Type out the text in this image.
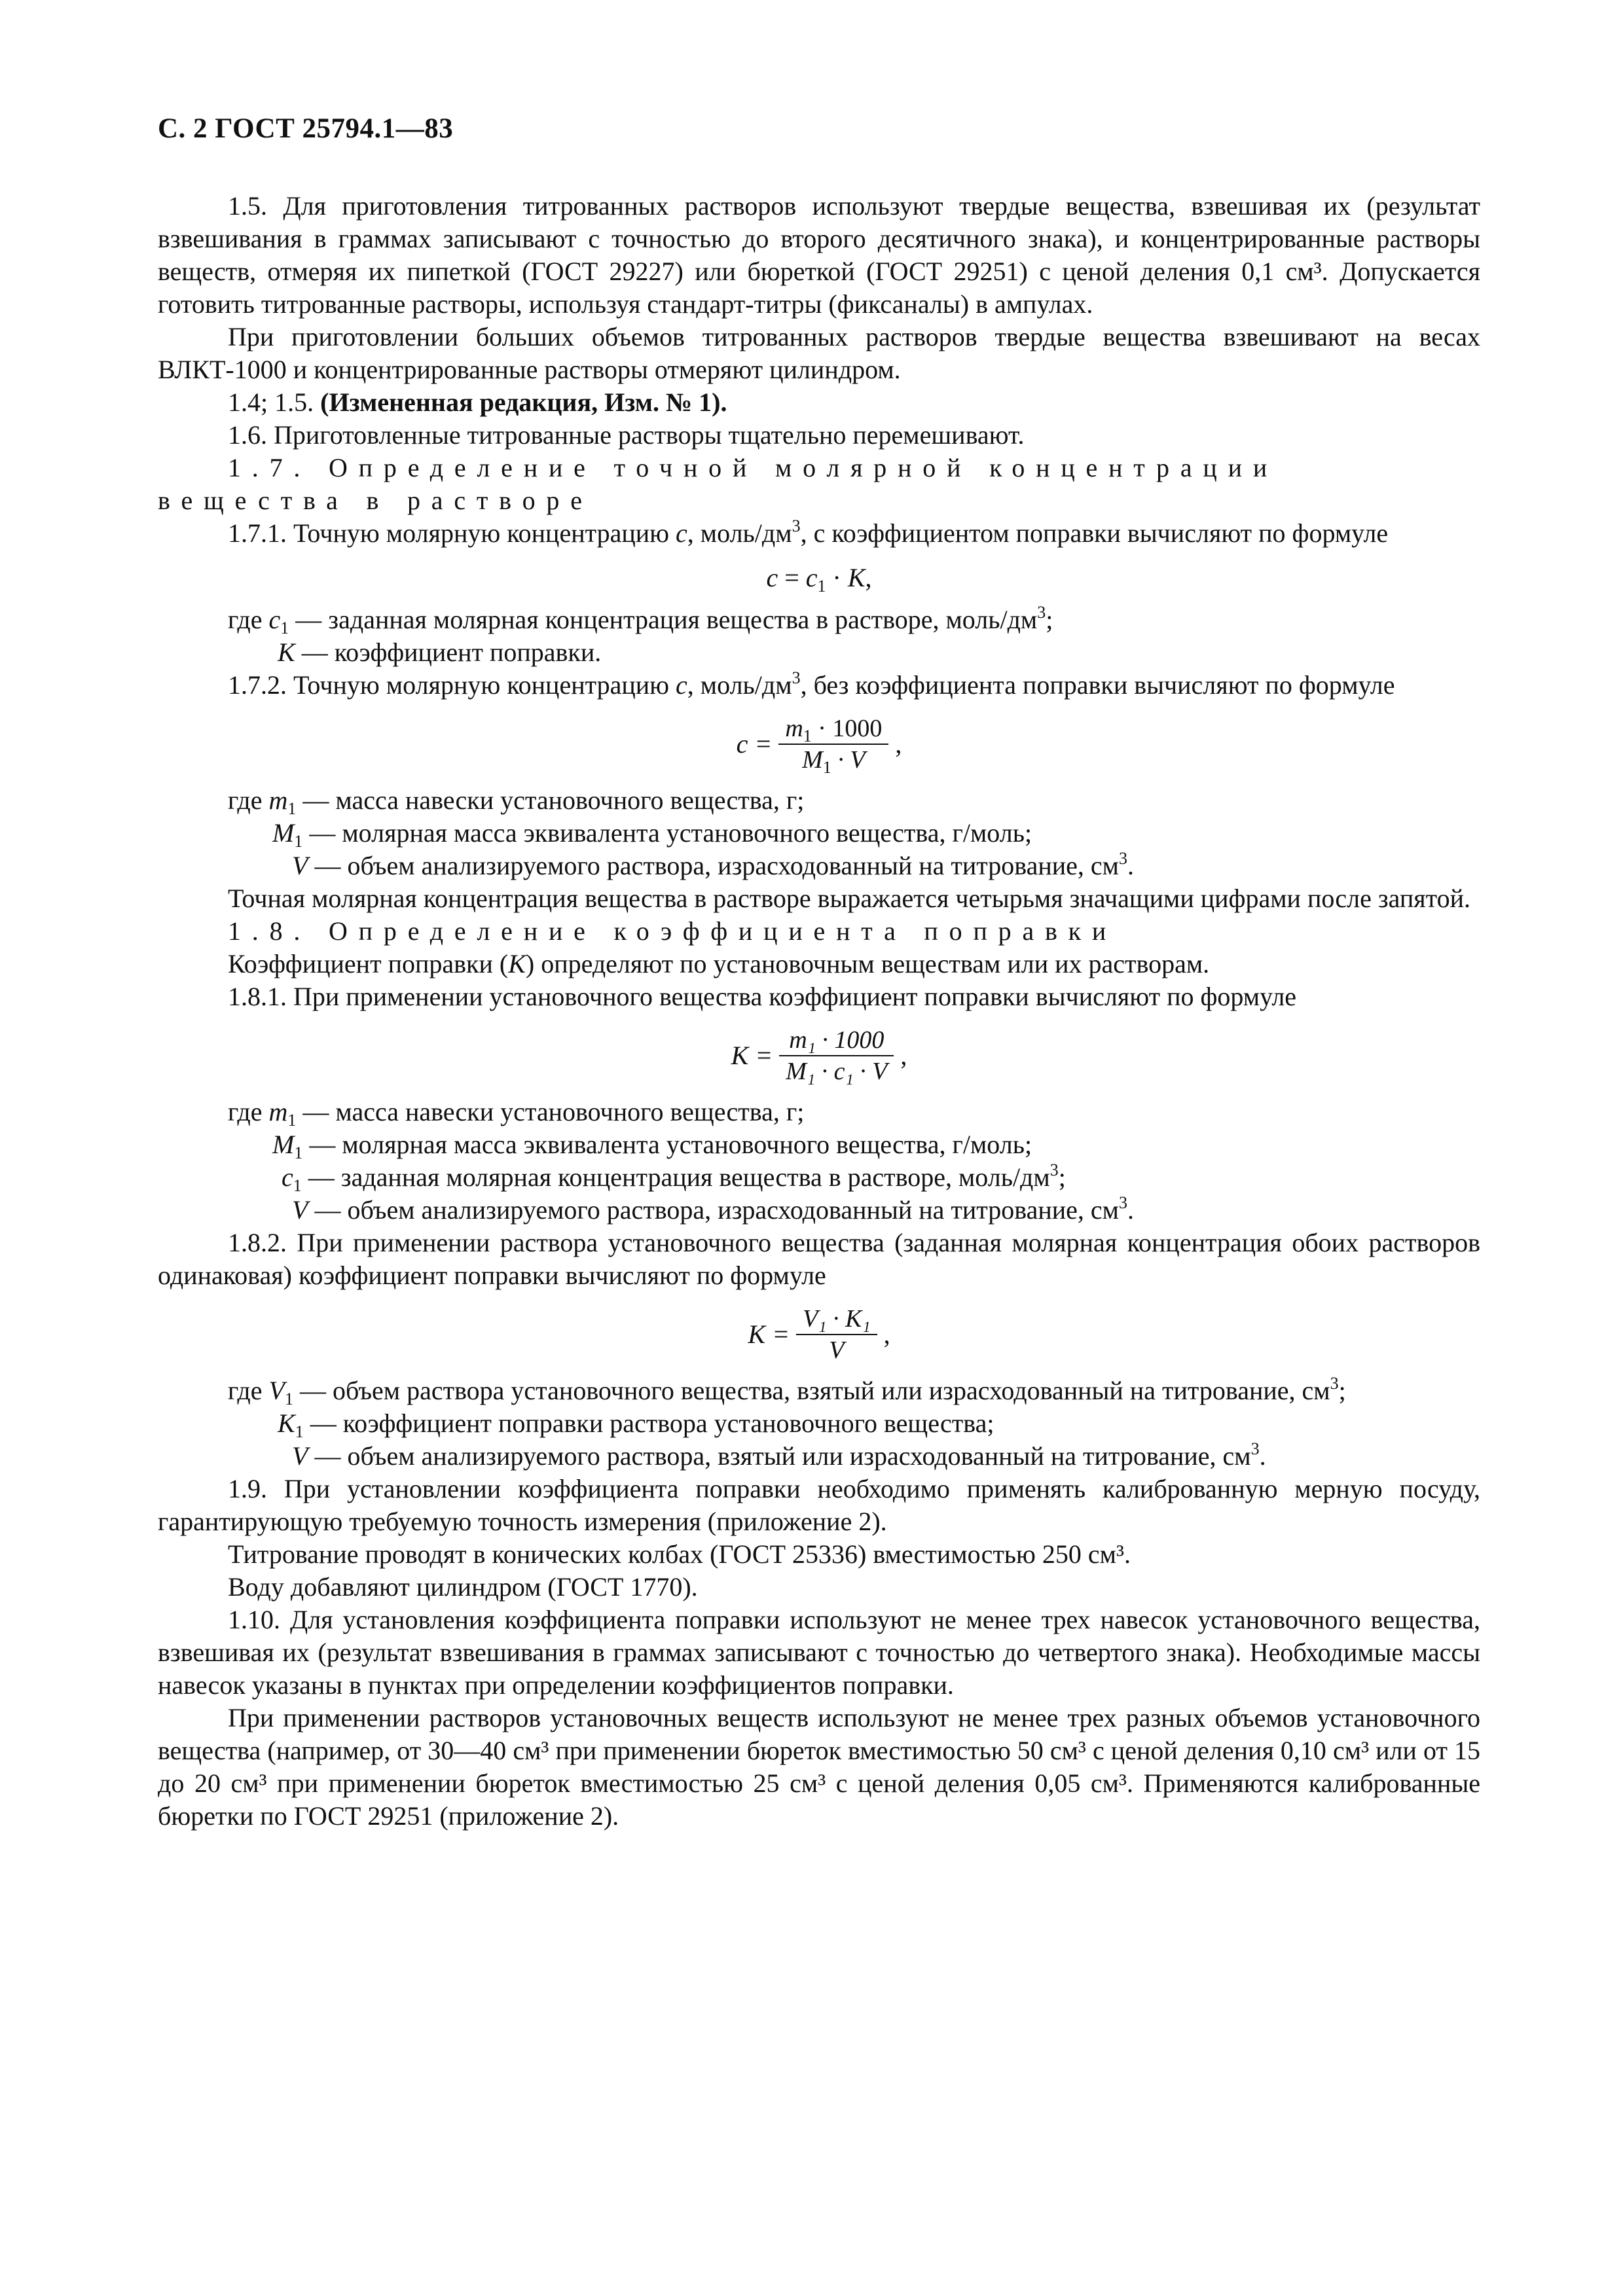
С. 2 ГОСТ 25794.1—83

1.5. Для приготовления титрованных растворов используют твердые вещества, взвешивая их (результат взвешивания в граммах записывают с точностью до второго десятичного знака), и концентрированные растворы веществ, отмеряя их пипеткой (ГОСТ 29227) или бюреткой (ГОСТ 29251) с ценой деления 0,1 см³. Допускается готовить титрованные растворы, используя стандарт-титры (фиксаналы) в ампулах.

При приготовлении больших объемов титрованных растворов твердые вещества взвешивают на весах ВЛКТ-1000 и концентрированные растворы отмеряют цилиндром.

1.4; 1.5. (Измененная редакция, Изм. № 1).

1.6. Приготовленные титрованные растворы тщательно перемешивают.

1.7. Определение точной молярной концентрации вещества в растворе

1.7.1. Точную молярную концентрацию c, моль/$дм^3$, с коэффициентом поправки вычисляют по формуле

$c = c_1 \cdot K$,

где $c_1$ — заданная молярная концентрация вещества в растворе, моль/$дм^3$;

K — коэффициент поправки.

1.7.2. Точную молярную концентрацию c, моль/$дм^3$, без коэффициента поправки вычисляют по формуле

$c = \frac{m_1 \cdot 1000}{M_1 \cdot V}$ ,

где $m_1$ — масса навески установочного вещества, г;

$M_1$ — молярная масса эквивалента установочного вещества, г/моль;

V — объем анализируемого раствора, израсходованный на титрование, $см^3$.

Точная молярная концентрация вещества в растворе выражается четырьмя значащими цифрами после запятой.

1.8. Определение коэффициента поправки

Коэффициент поправки (K) определяют по установочным веществам или их растворам.

1.8.1. При применении установочного вещества коэффициент поправки вычисляют по формуле

$K = \frac{\text{m₁ · 1000}}{\text{M₁ · c₁ · V}}$ ,

где $m_1$ — масса навески установочного вещества, г;

$M_1$ — молярная масса эквивалента установочного вещества, г/моль;

$c_1$ — заданная молярная концентрация вещества в растворе, моль/$дм^3$;

V — объем анализируемого раствора, израсходованный на титрование, $см^3$.

1.8.2. При применении раствора установочного вещества (заданная молярная концентрация обоих растворов одинаковая) коэффициент поправки вычисляют по формуле

$K = \frac{\text{V₁ · K₁}}{V}$ ,

где $V_1$ — объем раствора установочного вещества, взятый или израсходованный на титрование, $см^3$;

$K_1$ — коэффициент поправки раствора установочного вещества;

V — объем анализируемого раствора, взятый или израсходованный на титрование, $см^3$.

1.9. При установлении коэффициента поправки необходимо применять калиброванную мерную посуду, гарантирующую требуемую точность измерения (приложение 2).

Титрование проводят в конических колбах (ГОСТ 25336) вместимостью 250 см³.

Воду добавляют цилиндром (ГОСТ 1770).

1.10. Для установления коэффициента поправки используют не менее трех навесок установочного вещества, взвешивая их (результат взвешивания в граммах записывают с точностью до четвертого знака). Необходимые массы навесок указаны в пунктах при определении коэффициентов поправки.

При применении растворов установочных веществ используют не менее трех разных объемов установочного вещества (например, от 30—40 см³ при применении бюреток вместимостью 50 см³ с ценой деления 0,10 см³ или от 15 до 20 см³ при применении бюреток вместимостью 25 см³ с ценой деления 0,05 см³. Применяются калиброванные бюретки по ГОСТ 29251 (приложение 2).
